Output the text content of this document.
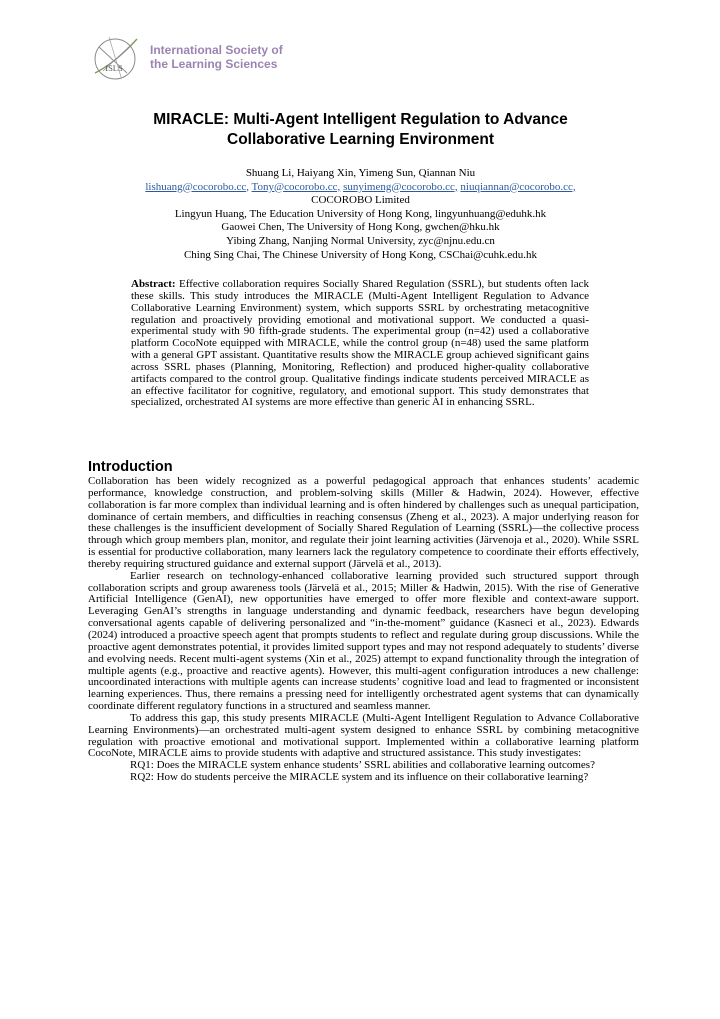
ISLS
International Society of
the Learning Sciences
MIRACLE: Multi-Agent Intelligent Regulation to Advance
Collaborative Learning Environment
Shuang Li, Haiyang Xin, Yimeng Sun, Qiannan Niu
lishuang@cocorobo.cc, Tony@cocorobo.cc, sunyimeng@cocorobo.cc, niuqiannan@cocorobo.cc,
COCOROBO Limited
Lingyun Huang, The Education University of Hong Kong, lingyunhuang@eduhk.hk
Gaowei Chen, The University of Hong Kong, gwchen@hku.hk
Yibing Zhang, Nanjing Normal University, zyc@njnu.edu.cn
Ching Sing Chai, The Chinese University of Hong Kong, CSChai@cuhk.edu.hk
Abstract: Effective collaboration requires Socially Shared Regulation (SSRL), but students often lack these skills. This study introduces the MIRACLE (Multi-Agent Intelligent Regulation to Advance Collaborative Learning Environment) system, which supports SSRL by orchestrating metacognitive regulation and proactively providing emotional and motivational support. We conducted a quasi-experimental study with 90 fifth-grade students. The experimental group (n=42) used a collaborative platform CocoNote equipped with MIRACLE, while the control group (n=48) used the same platform with a general GPT assistant. Quantitative results show the MIRACLE group achieved significant gains across SSRL phases (Planning, Monitoring, Reflection) and produced higher-quality collaborative artifacts compared to the control group. Qualitative findings indicate students perceived MIRACLE as an effective facilitator for cognitive, regulatory, and emotional support. This study demonstrates that specialized, orchestrated AI systems are more effective than generic AI in enhancing SSRL.
Introduction

Collaboration has been widely recognized as a powerful pedagogical approach that enhances students’ academic performance, knowledge construction, and problem-solving skills (Miller & Hadwin, 2024). However, effective collaboration is far more complex than individual learning and is often hindered by challenges such as unequal participation, dominance of certain members, and difficulties in reaching consensus (Zheng et al., 2023). A major underlying reason for these challenges is the insufficient development of Socially Shared Regulation of Learning (SSRL)—the collective process through which group members plan, monitor, and regulate their joint learning activities (Järvenoja et al., 2020). While SSRL is essential for productive collaboration, many learners lack the regulatory competence to coordinate their efforts effectively, thereby requiring structured guidance and external support (Järvelä et al., 2013).

Earlier research on technology-enhanced collaborative learning provided such structured support through collaboration scripts and group awareness tools (Järvelä et al., 2015; Miller & Hadwin, 2015). With the rise of Generative Artificial Intelligence (GenAI), new opportunities have emerged to offer more flexible and context-aware support. Leveraging GenAI’s strengths in language understanding and dynamic feedback, researchers have begun developing conversational agents capable of delivering personalized and “in-the-moment” guidance (Kasneci et al., 2023). Edwards (2024) introduced a proactive speech agent that prompts students to reflect and regulate during group discussions. While the proactive agent demonstrates potential, it provides limited support types and may not respond adequately to students’ diverse and evolving needs. Recent multi-agent systems (Xin et al., 2025) attempt to expand functionality through the integration of multiple agents (e.g., proactive and reactive agents). However, this multi-agent configuration introduces a new challenge: uncoordinated interactions with multiple agents can increase students’ cognitive load and lead to fragmented or inconsistent learning experiences. Thus, there remains a pressing need for intelligently orchestrated agent systems that can dynamically coordinate different regulatory functions in a structured and seamless manner.

To address this gap, this study presents MIRACLE (Multi-Agent Intelligent Regulation to Advance Collaborative Learning Environments)—an orchestrated multi-agent system designed to enhance SSRL by combining metacognitive regulation with proactive emotional and motivational support. Implemented within a collaborative learning platform CocoNote, MIRACLE aims to provide students with adaptive and structured assistance. This study investigates:

RQ1: Does the MIRACLE system enhance students’ SSRL abilities and collaborative learning outcomes?

RQ2: How do students perceive the MIRACLE system and its influence on their collaborative learning?
